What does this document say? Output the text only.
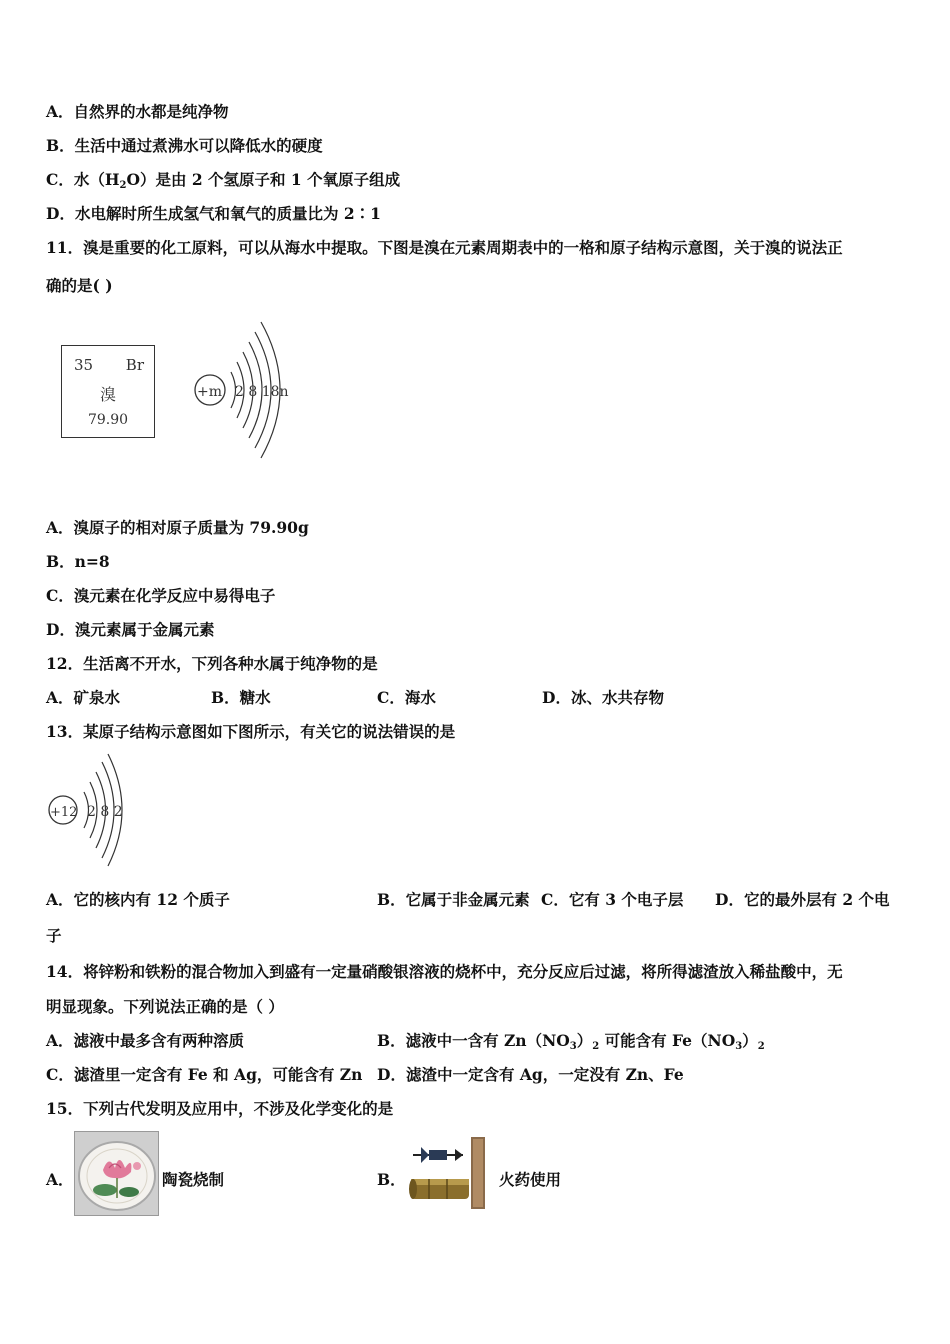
A．自然界的水都是纯净物
B．生活中通过煮沸水可以降低水的硬度
C．水$(H_2O)$是由 2 个氢原子和 1 个氧原子组成
D．水电解时所生成氢气和氧气的质量比为 2∶1
11．溴是重要的化工原料，可以从海水中提取。下图是溴在元素周期表中的一格和原子结构示意图，关于溴的说法正
确的是( )
35 Br
溴
79.90
+m 2 8 18n
A．溴原子的相对原子质量为 79.90g
B．n=8
C．溴元素在化学反应中易得电子
D．溴元素属于金属元素
12．生活离不开水，下列各种水属于纯净物的是
A．矿泉水	B．糖水	C．海水	D．冰、水共存物
13．某原子结构示意图如下图所示，有关它的说法错误的是
+12 2 8 2
A．它的核内有 12 个质子	B．它属于非金属元素 C．它有 3 个电子层 D．它的最外层有 2 个电
子
14．将锌粉和铁粉的混合物加入到盛有一定量硝酸银溶液的烧杯中，充分反应后过滤，将所得滤渣放入稀盐酸中，无
明显现象。下列说法正确的是（ ）
A．滤液中最多含有两种溶质	B．滤液中一含有 $Zn(NO_3)_2$ 可能含有 $Fe(NO_3)_2$
C．滤渣里一定含有 Fe 和 Ag，可能含有 Zn D．滤渣中一定含有 Ag，一定没有 Zn、Fe
15．下列古代发明及应用中，不涉及化学变化的是
A．	陶瓷烧制	B．	火药使用
